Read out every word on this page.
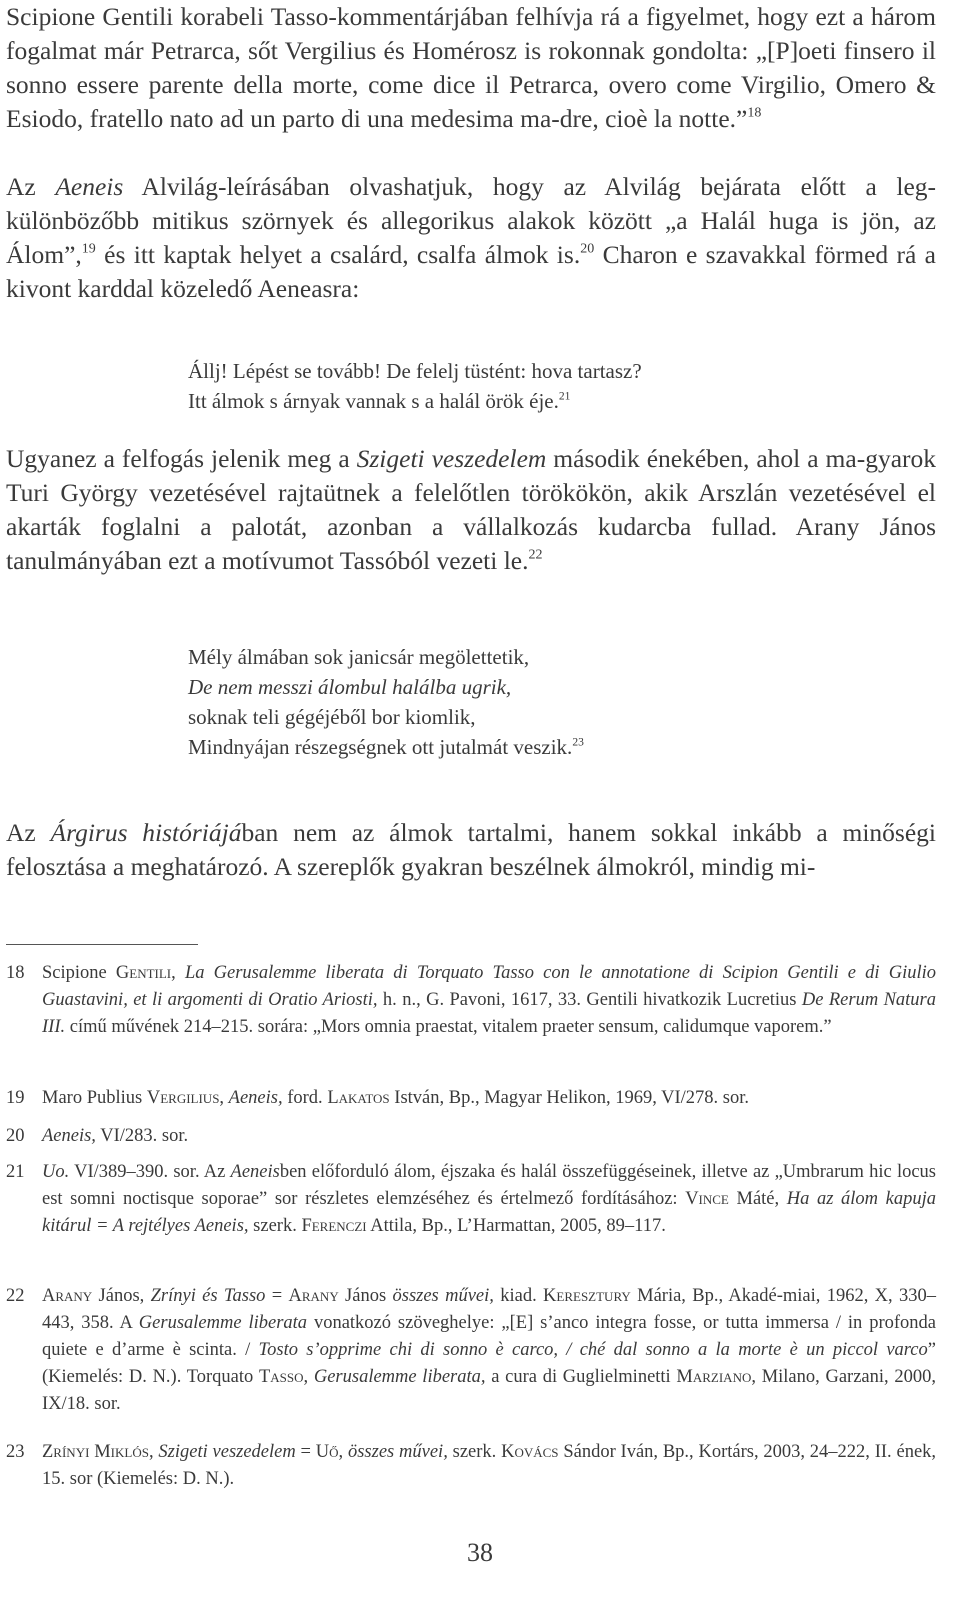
Scipione Gentili korabeli Tasso-kommentárjában felhívja rá a figyelmet, hogy ezt a három fogalmat már Petrarca, sőt Vergilius és Homérosz is rokonnak gondolta: „[P]oeti finsero il sonno essere parente della morte, come dice il Petrarca, overo come Virgilio, Omero & Esiodo, fratello nato ad un parto di una medesima ma-dre, cioè la notte.”$^{18}$

Az Aeneis Alvilág-leírásában olvashatjuk, hogy az Alvilág bejárata előtt a leg-különbözőbb mitikus szörnyek és allegorikus alakok között „a Halál huga is jön, az Álom”,$^{19}$ és itt kaptak helyet a csalárd, csalfa álmok is.$^{20}$ Charon e szavakkal förmed rá a kivont karddal közeledő Aeneasra:

Állj! Lépést se tovább! De felelj tüstént: hova tartasz?
Itt álmok s árnyak vannak s a halál örök éje.$^{21}$

Ugyanez a felfogás jelenik meg a Szigeti veszedelem második énekében, ahol a ma-gyarok Turi György vezetésével rajtaütnek a felelőtlen törökökön, akik Arszlán vezetésével el akarták foglalni a palotát, azonban a vállalkozás kudarcba fullad. Arany János tanulmányában ezt a motívumot Tassóból vezeti le.$^{22}$

Mély álmában sok janicsár megölettetik,
De nem messzi álombul halálba ugrik,
soknak teli gégéjéből bor kiomlik,
Mindnyájan részegségnek ott jutalmát veszik.$^{23}$

Az Árgirus históriájában nem az álmok tartalmi, hanem sokkal inkább a minőségi felosztása a meghatározó. A szereplők gyakran beszélnek álmokról, mindig mi-

18 Scipione Gentili, La Gerusalemme liberata di Torquato Tasso con le annotatione di Scipion Gentili e di Giulio Guastavini, et li argomenti di Oratio Ariosti, h. n., G. Pavoni, 1617, 33. Gentili hivatkozik Lucretius De Rerum Natura III. című művének 214–215. sorára: „Mors omnia praestat, vitalem praeter sensum, calidumque vaporem.”

19 Maro Publius Vergilius, Aeneis, ford. Lakatos István, Bp., Magyar Helikon, 1969, VI/278. sor.

20 Aeneis, VI/283. sor.

21 Uo. VI/389–390. sor. Az Aeneisben előforduló álom, éjszaka és halál összefüggéseinek, illetve az „Umbrarum hic locus est somni noctisque soporae” sor részletes elemzéséhez és értelmező fordításához: Vince Máté, Ha az álom kapuja kitárul = A rejtélyes Aeneis, szerk. Ferenczi Attila, Bp., L’Harmattan, 2005, 89–117.

22 Arany János, Zrínyi és Tasso = Arany János összes művei, kiad. Keresztury Mária, Bp., Akadé-miai, 1962, X, 330–443, 358. A Gerusalemme liberata vonatkozó szöveghelye: „[E] s’anco integra fosse, or tutta immersa / in profonda quiete e d’arme è scinta. / Tosto s’opprime chi di sonno è carco, / ché dal sonno a la morte è un piccol varco” (Kiemelés: D. N.). Torquato Tasso, Gerusalemme liberata, a cura di Guglielminetti Marziano, Milano, Garzani, 2000, IX/18. sor.

23 Zrínyi Miklós, Szigeti veszedelem = Uő, összes művei, szerk. Kovács Sándor Iván, Bp., Kortárs, 2003, 24–222, II. ének, 15. sor (Kiemelés: D. N.).

38
